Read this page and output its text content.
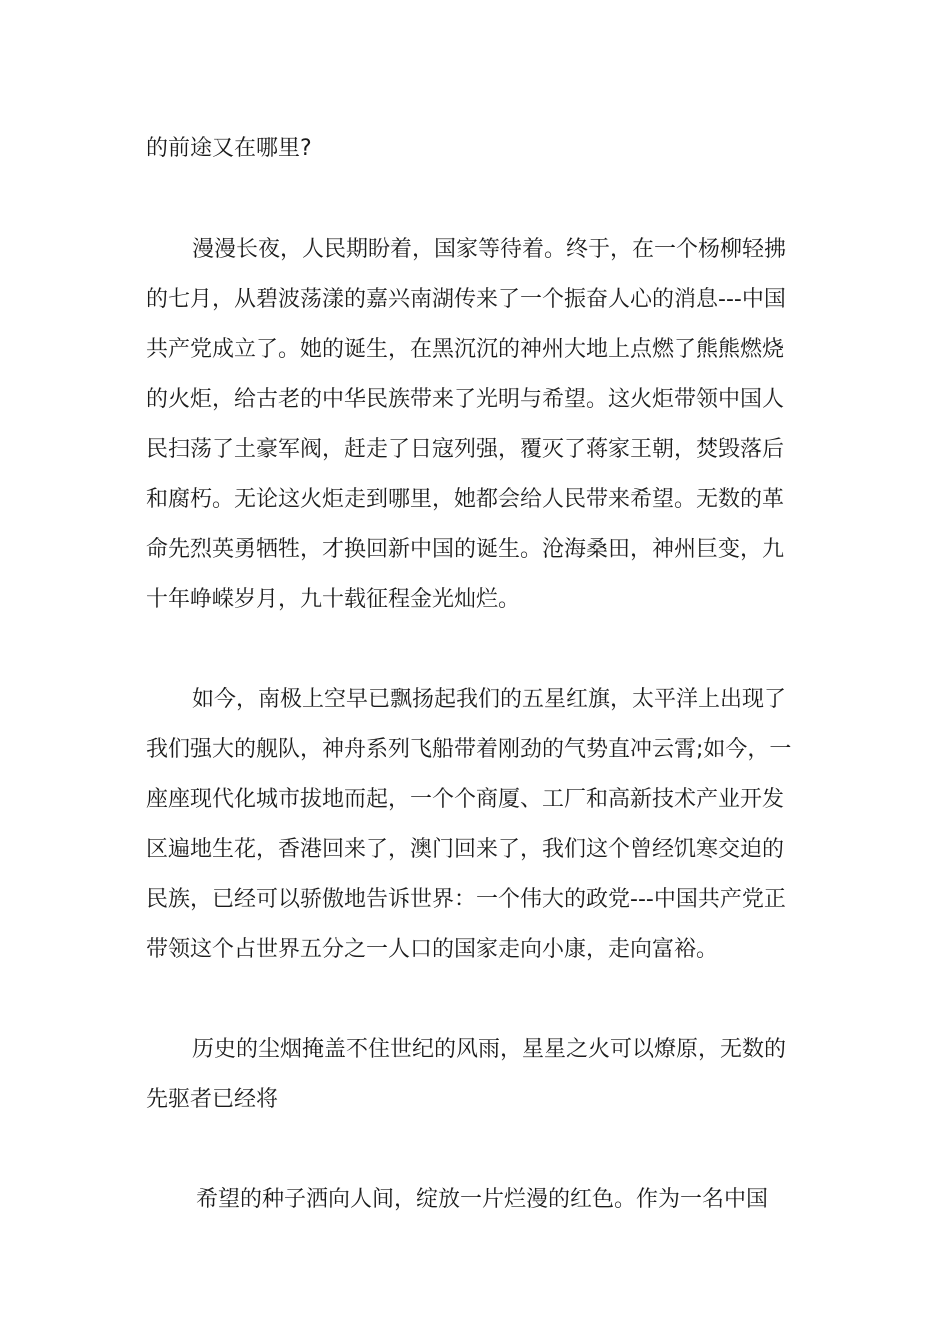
的前途又在哪里?
漫漫长夜，人民期盼着，国家等待着。终于，在一个杨柳轻拂
的七月，从碧波荡漾的嘉兴南湖传来了一个振奋人心的消息---中国
共产党成立了。她的诞生，在黑沉沉的神州大地上点燃了熊熊燃烧
的火炬，给古老的中华民族带来了光明与希望。这火炬带领中国人
民扫荡了土豪军阀，赶走了日寇列强，覆灭了蒋家王朝，焚毁落后
和腐朽。无论这火炬走到哪里，她都会给人民带来希望。无数的革
命先烈英勇牺牲，才换回新中国的诞生。沧海桑田，神州巨变，九
十年峥嵘岁月，九十载征程金光灿烂。
如今，南极上空早已飘扬起我们的五星红旗，太平洋上出现了
我们强大的舰队，神舟系列飞船带着刚劲的气势直冲云霄;如今，一
座座现代化城市拔地而起，一个个商厦、工厂和高新技术产业开发
区遍地生花，香港回来了，澳门回来了，我们这个曾经饥寒交迫的
民族，已经可以骄傲地告诉世界：一个伟大的政党---中国共产党正
带领这个占世界五分之一人口的国家走向小康，走向富裕。
历史的尘烟掩盖不住世纪的风雨，星星之火可以燎原，无数的
先驱者已经将
希望的种子洒向人间，绽放一片烂漫的红色。作为一名中国
